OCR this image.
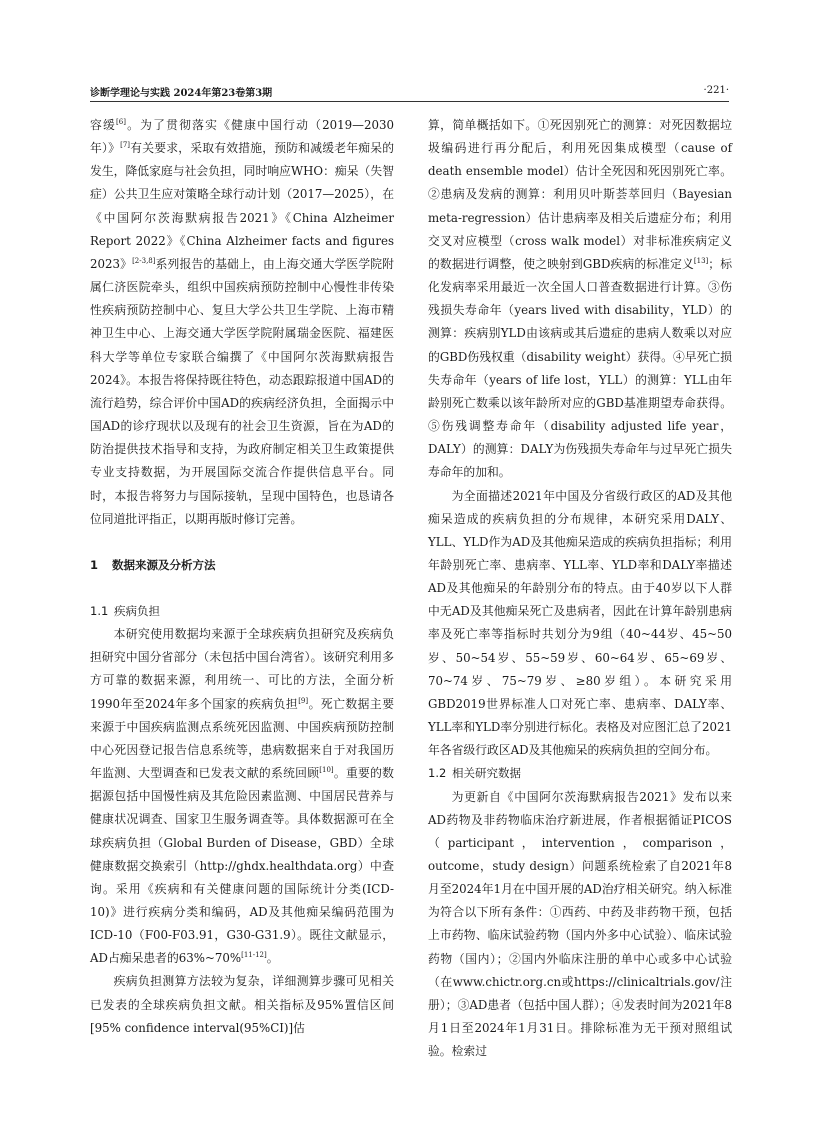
诊断学理论与实践 2024年第23卷第3期	·221·

容缓[6]。为了贯彻落实《健康中国行动（2019—2030年）》[7]有关要求，采取有效措施，预防和减缓老年痴呆的发生，降低家庭与社会负担，同时响应WHO：痴呆（失智症）公共卫生应对策略全球行动计划（2017—2025），在《中国阿尔茨海默病报告2021》《China Alzheimer Report 2022》《China Alzheimer facts and figures 2023》[2-3,8]系列报告的基础上，由上海交通大学医学院附属仁济医院牵头，组织中国疾病预防控制中心慢性非传染性疾病预防控制中心、复旦大学公共卫生学院、上海市精神卫生中心、上海交通大学医学院附属瑞金医院、福建医科大学等单位专家联合编撰了《中国阿尔茨海默病报告2024》。本报告将保持既往特色，动态跟踪报道中国AD的流行趋势，综合评价中国AD的疾病经济负担，全面揭示中国AD的诊疗现状以及现有的社会卫生资源，旨在为AD的防治提供技术指导和支持，为政府制定相关卫生政策提供专业支持数据，为开展国际交流合作提供信息平台。同时，本报告将努力与国际接轨，呈现中国特色，也恳请各位同道批评指正，以期再版时修订完善。

1 数据来源及分析方法

1.1 疾病负担

本研究使用数据均来源于全球疾病负担研究及疾病负担研究中国分省部分（未包括中国台湾省）。该研究利用多方可靠的数据来源，利用统一、可比的方法，全面分析1990年至2024年多个国家的疾病负担[9]。死亡数据主要来源于中国疾病监测点系统死因监测、中国疾病预防控制中心死因登记报告信息系统等，患病数据来自于对我国历年监测、大型调查和已发表文献的系统回顾[10]。重要的数据源包括中国慢性病及其危险因素监测、中国居民营养与健康状况调查、国家卫生服务调查等。具体数据源可在全球疾病负担（Global Burden of Disease，GBD）全球健康数据交换索引（http://ghdx.healthdata.org）中查询。采用《疾病和有关健康问题的国际统计分类(ICD-10)》进行疾病分类和编码，AD及其他痴呆编码范围为ICD-10（F00-F03.91，G30-G31.9）。既往文献显示，AD占痴呆患者的63%~70%[11-12]。

疾病负担测算方法较为复杂，详细测算步骤可见相关已发表的全球疾病负担文献。相关指标及95%置信区间[95% confidence interval(95%CI)]估

算，简单概括如下。①死因别死亡的测算：对死因数据垃圾编码进行再分配后，利用死因集成模型（cause of death ensemble model）估计全死因和死因别死亡率。②患病及发病的测算：利用贝叶斯荟萃回归（Bayesian meta-regression）估计患病率及相关后遗症分布；利用交叉对应模型（cross walk model）对非标准疾病定义的数据进行调整，使之映射到GBD疾病的标准定义[13]；标化发病率采用最近一次全国人口普查数据进行计算。③伤残损失寿命年（years lived with disability，YLD）的测算：疾病别YLD由该病或其后遗症的患病人数乘以对应的GBD伤残权重（disability weight）获得。④早死亡损失寿命年（years of life lost，YLL）的测算：YLL由年龄别死亡数乘以该年龄所对应的GBD基准期望寿命获得。⑤伤残调整寿命年（disability adjusted life year，DALY）的测算：DALY为伤残损失寿命年与过早死亡损失寿命年的加和。

为全面描述2021年中国及分省级行政区的AD及其他痴呆造成的疾病负担的分布规律，本研究采用DALY、YLL、YLD作为AD及其他痴呆造成的疾病负担指标；利用年龄别死亡率、患病率、YLL率、YLD率和DALY率描述AD及其他痴呆的年龄别分布的特点。由于40岁以下人群中无AD及其他痴呆死亡及患病者，因此在计算年龄别患病率及死亡率等指标时共划分为9组（40~44岁、45~50岁、50~54岁、55~59岁、60~64岁、65~69岁、70~74岁、75~79岁、≥80岁组）。本研究采用GBD2019世界标准人口对死亡率、患病率、DALY率、YLL率和YLD率分别进行标化。表格及对应图汇总了2021年各省级行政区AD及其他痴呆的疾病负担的空间分布。

1.2 相关研究数据

为更新自《中国阿尔茨海默病报告2021》发布以来AD药物及非药物临床治疗新进展，作者根据循证PICOS（participant，intervention，comparison，outcome，study design）问题系统检索了自2021年8月至2024年1月在中国开展的AD治疗相关研究。纳入标准为符合以下所有条件：①西药、中药及非药物干预，包括上市药物、临床试验药物（国内外多中心试验）、临床试验药物（国内）；②国内外临床注册的单中心或多中心试验（在www.chictr.org.cn或https://clinicaltrials.gov/注册）；③AD患者（包括中国人群）；④发表时间为2021年8月1日至2024年1月31日。排除标准为无干预对照组试验。检索过
